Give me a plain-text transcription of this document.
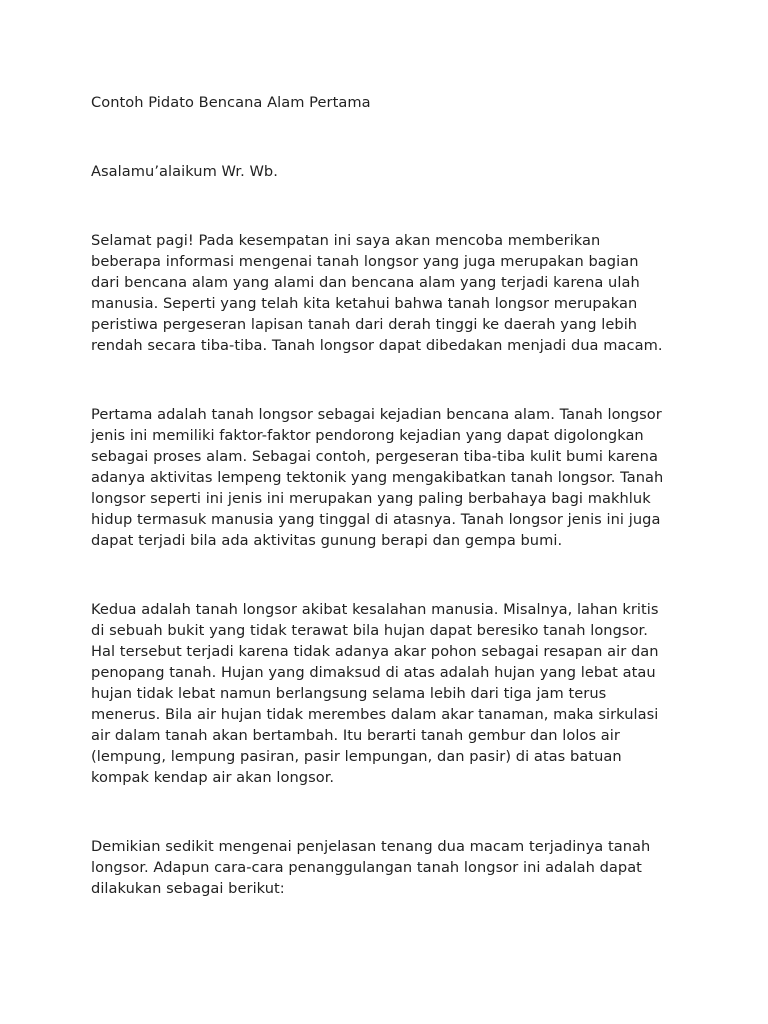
Contoh Pidato Bencana Alam Pertama

Asalamu’alaikum Wr. Wb.

Selamat pagi! Pada kesempatan ini saya akan mencoba memberikan
beberapa informasi mengenai tanah longsor yang juga merupakan bagian
dari bencana alam yang alami dan bencana alam yang terjadi karena ulah
manusia. Seperti yang telah kita ketahui bahwa tanah longsor merupakan
peristiwa pergeseran lapisan tanah dari derah tinggi ke daerah yang lebih
rendah secara tiba-tiba. Tanah longsor dapat dibedakan menjadi dua macam.

Pertama adalah tanah longsor sebagai kejadian bencana alam. Tanah longsor
jenis ini memiliki faktor-faktor pendorong kejadian yang dapat digolongkan
sebagai proses alam. Sebagai contoh, pergeseran tiba-tiba kulit bumi karena
adanya aktivitas lempeng tektonik yang mengakibatkan tanah longsor. Tanah
longsor seperti ini jenis ini merupakan yang paling berbahaya bagi makhluk
hidup termasuk manusia yang tinggal di atasnya. Tanah longsor jenis ini juga
dapat terjadi bila ada aktivitas gunung berapi dan gempa bumi.

Kedua adalah tanah longsor akibat kesalahan manusia. Misalnya, lahan kritis
di sebuah bukit yang tidak terawat bila hujan dapat beresiko tanah longsor.
Hal tersebut terjadi karena tidak adanya akar pohon sebagai resapan air dan
penopang tanah. Hujan yang dimaksud di atas adalah hujan yang lebat atau
hujan tidak lebat namun berlangsung selama lebih dari tiga jam terus
menerus. Bila air hujan tidak merembes dalam akar tanaman, maka sirkulasi
air dalam tanah akan bertambah. Itu berarti tanah gembur dan lolos air
(lempung, lempung pasiran, pasir lempungan, dan pasir) di atas batuan
kompak kendap air akan longsor.

Demikian sedikit mengenai penjelasan tenang dua macam terjadinya tanah
longsor. Adapun cara-cara penanggulangan tanah longsor ini adalah dapat
dilakukan sebagai berikut:
